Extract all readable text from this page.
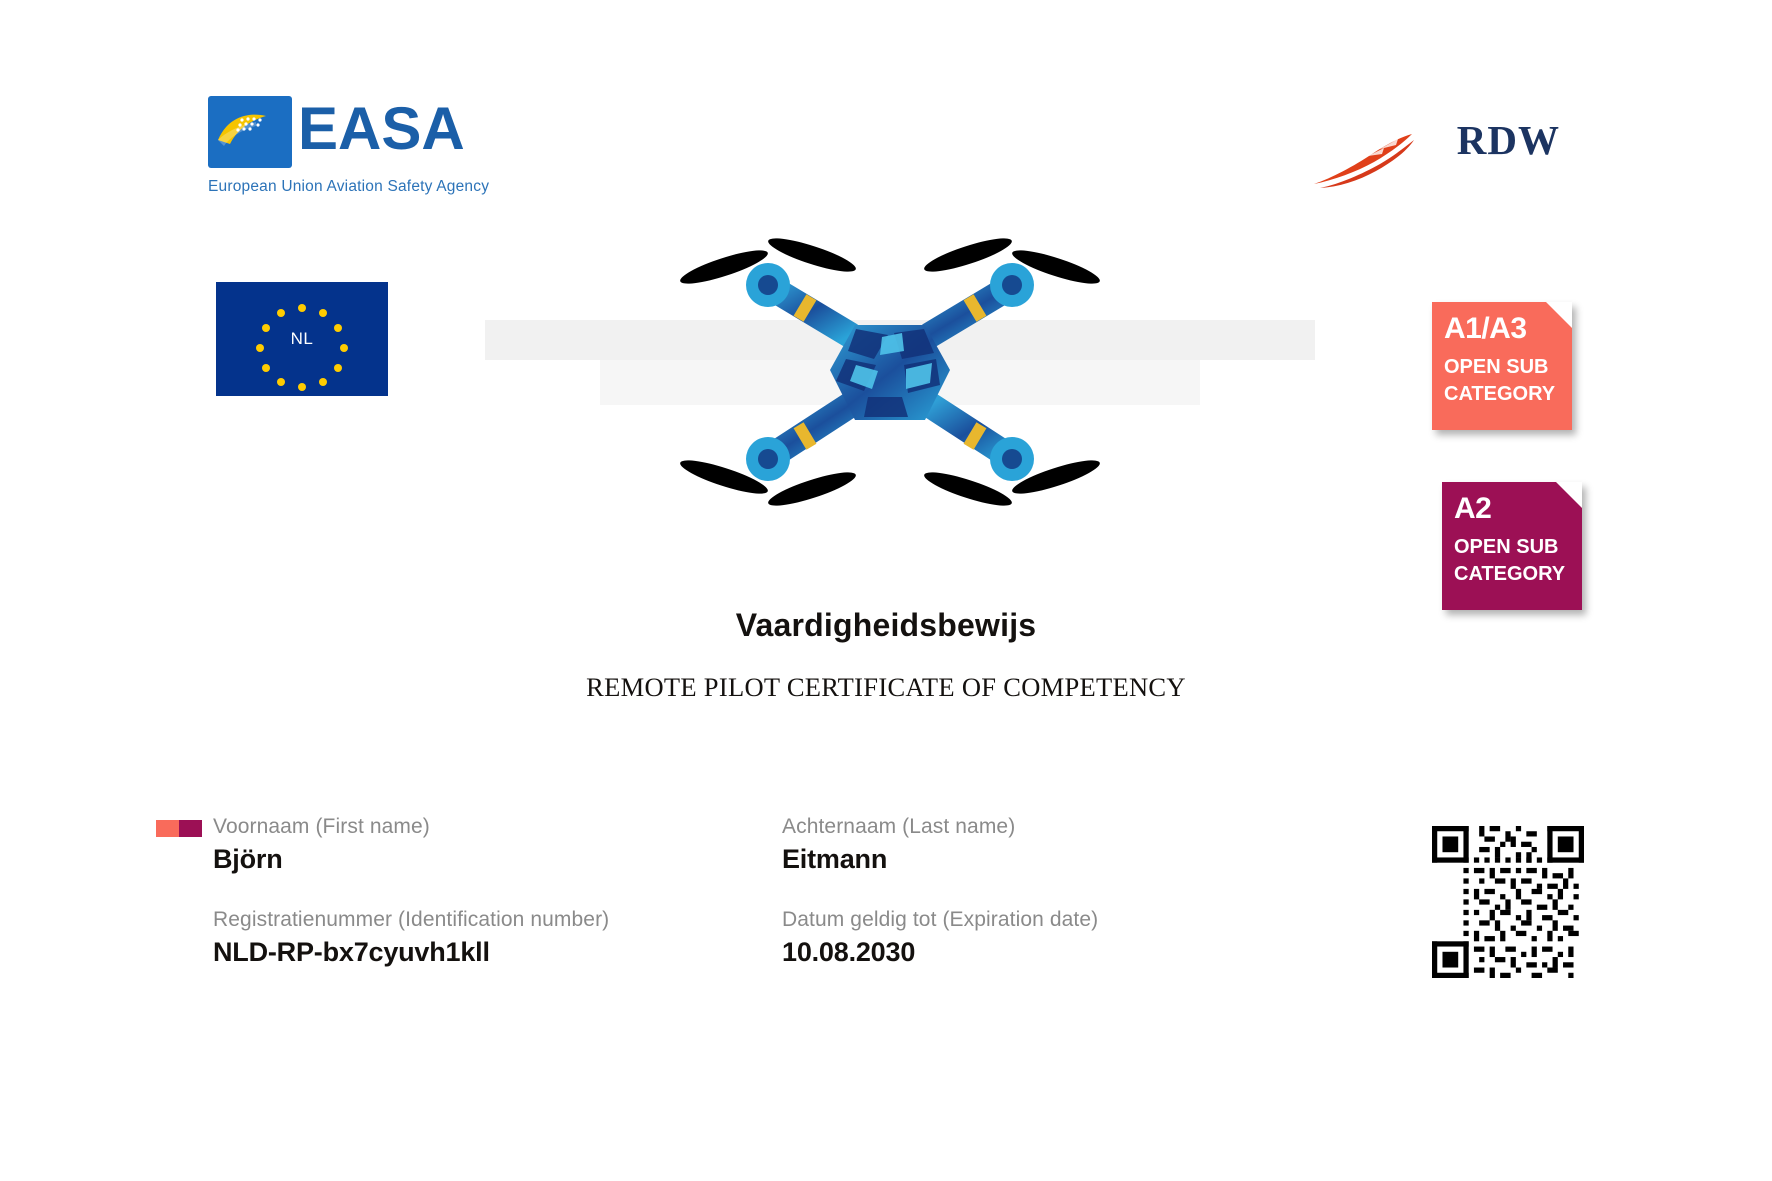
EASA
European Union Aviation Safety Agency
RDW
NL
Vaardigheidsbewijs
REMOTE PILOT CERTIFICATE OF COMPETENCY
A1/A3
OPEN SUB
CATEGORY
A2
OPEN SUB
CATEGORY
Voornaam (First name)
Björn
Achternaam (Last name)
Eitmann
Registratienummer (Identification number)
NLD-RP-bx7cyuvh1kll
Datum geldig tot (Expiration date)
10.08.2030
